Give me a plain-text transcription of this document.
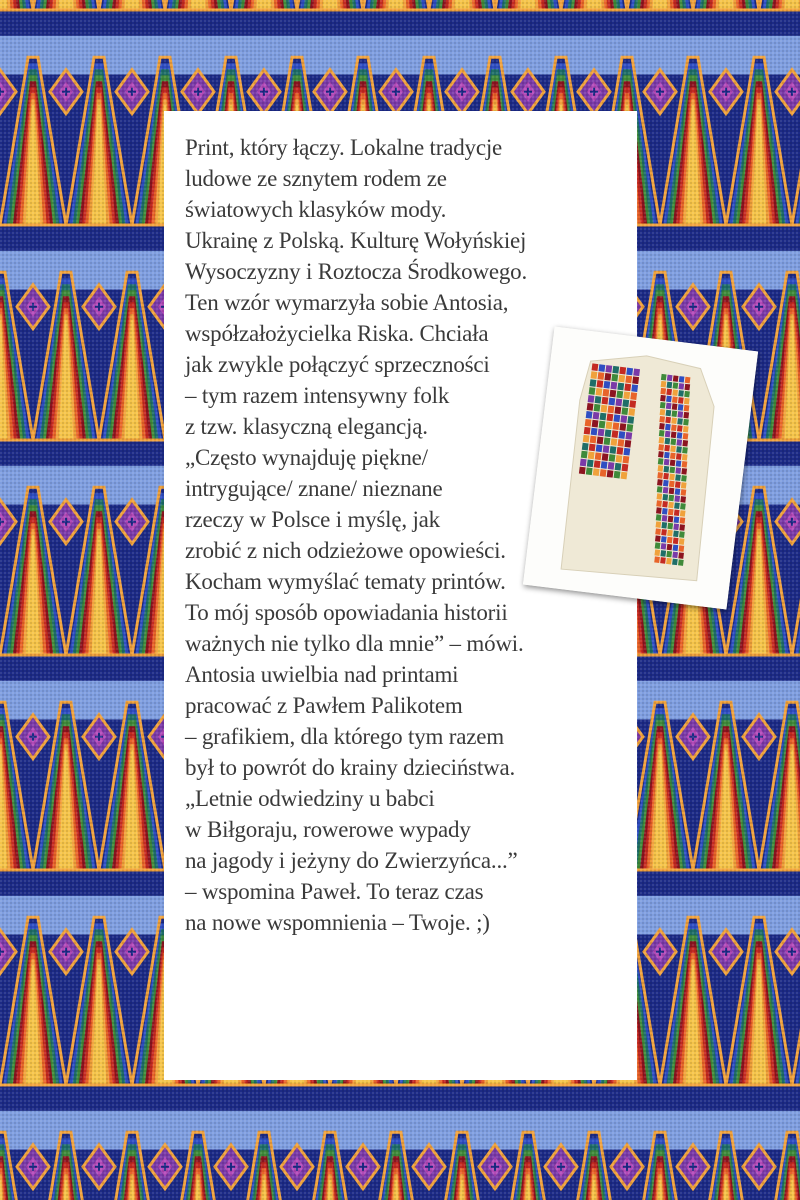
Print, który łączy. Lokalne tradycje
ludowe ze sznytem rodem ze
światowych klasyków mody.
Ukrainę z Polską. Kulturę Wołyńskiej
Wysoczyzny i Roztocza Środkowego.
Ten wzór wymarzyła sobie Antosia,
współzałożycielka Riska. Chciała
jak zwykle połączyć sprzeczności
– tym razem intensywny folk
z tzw. klasyczną elegancją.
„Często wynajduję piękne/
intrygujące/ znane/ nieznane
rzeczy w Polsce i myślę, jak
zrobić z nich odzieżowe opowieści.
Kocham wymyślać tematy printów.
To mój sposób opowiadania historii
ważnych nie tylko dla mnie” – mówi.
Antosia uwielbia nad printami
pracować z Pawłem Palikotem
– grafikiem, dla którego tym razem
był to powrót do krainy dzieciństwa.
„Letnie odwiedziny u babci
w Biłgoraju, rowerowe wypady
na jagody i jeżyny do Zwierzyńca...”
– wspomina Paweł. To teraz czas
na nowe wspomnienia – Twoje. ;)
